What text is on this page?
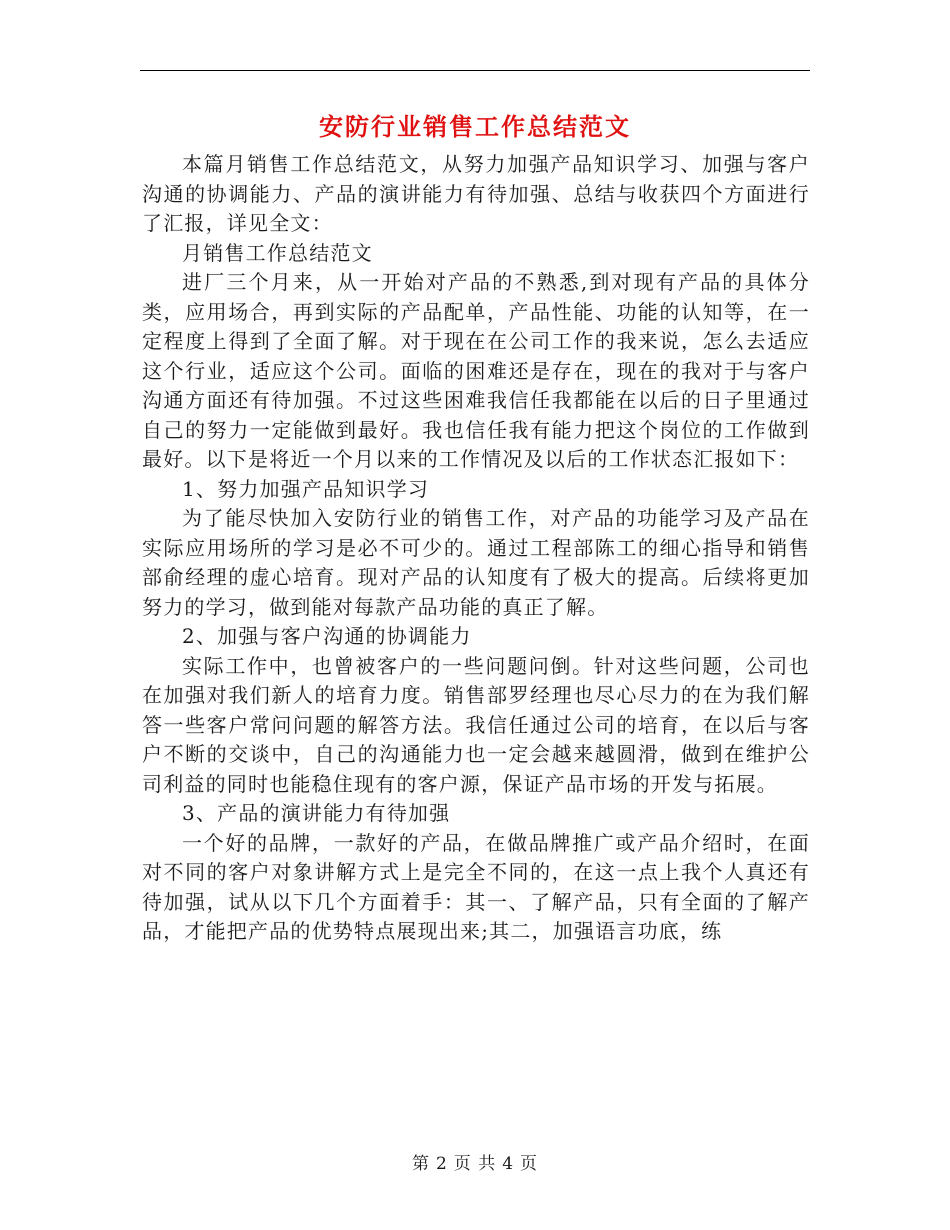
安防行业销售工作总结范文

本篇月销售工作总结范文，从努力加强产品知识学习、加强与客户沟通的协调能力、产品的演讲能力有待加强、总结与收获四个方面进行了汇报，详见全文：

月销售工作总结范文

进厂三个月来，从一开始对产品的不熟悉,到对现有产品的具体分类，应用场合，再到实际的产品配单，产品性能、功能的认知等，在一定程度上得到了全面了解。对于现在在公司工作的我来说，怎么去适应这个行业，适应这个公司。面临的困难还是存在，现在的我对于与客户沟通方面还有待加强。不过这些困难我信任我都能在以后的日子里通过自己的努力一定能做到最好。我也信任我有能力把这个岗位的工作做到最好。以下是将近一个月以来的工作情况及以后的工作状态汇报如下：

1、努力加强产品知识学习

为了能尽快加入安防行业的销售工作，对产品的功能学习及产品在实际应用场所的学习是必不可少的。通过工程部陈工的细心指导和销售部俞经理的虚心培育。现对产品的认知度有了极大的提高。后续将更加努力的学习，做到能对每款产品功能的真正了解。

2、加强与客户沟通的协调能力

实际工作中，也曾被客户的一些问题问倒。针对这些问题，公司也在加强对我们新人的培育力度。销售部罗经理也尽心尽力的在为我们解答一些客户常问问题的解答方法。我信任通过公司的培育，在以后与客户不断的交谈中，自己的沟通能力也一定会越来越圆滑，做到在维护公司利益的同时也能稳住现有的客户源，保证产品市场的开发与拓展。

3、产品的演讲能力有待加强

一个好的品牌，一款好的产品，在做品牌推广或产品介绍时，在面对不同的客户对象讲解方式上是完全不同的，在这一点上我个人真还有待加强，试从以下几个方面着手：其一、了解产品，只有全面的了解产品，才能把产品的优势特点展现出来;其二，加强语言功底，练

第 2 页 共 4 页
